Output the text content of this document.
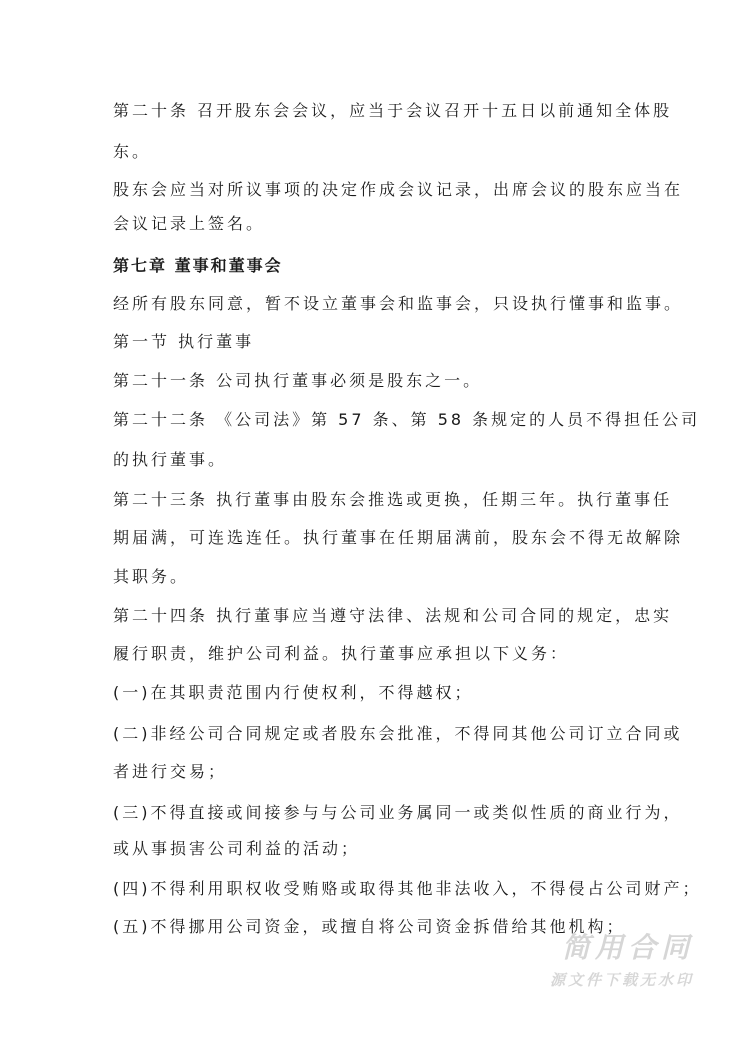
第二十条 召开股东会会议，应当于会议召开十五日以前通知全体股
东。
股东会应当对所议事项的决定作成会议记录，出席会议的股东应当在
会议记录上签名。
第七章 董事和董事会
经所有股东同意，暂不设立董事会和监事会，只设执行懂事和监事。
第一节 执行董事
第二十一条 公司执行董事必须是股东之一。
第二十二条 《公司法》第 57 条、第 58 条规定的人员不得担任公司
的执行董事。
第二十三条 执行董事由股东会推选或更换，任期三年。执行董事任
期届满，可连选连任。执行董事在任期届满前，股东会不得无故解除
其职务。
第二十四条 执行董事应当遵守法律、法规和公司合同的规定，忠实
履行职责，维护公司利益。执行董事应承担以下义务：
(一)在其职责范围内行使权利，不得越权；
(二)非经公司合同规定或者股东会批准，不得同其他公司订立合同或
者进行交易；
(三)不得直接或间接参与与公司业务属同一或类似性质的商业行为，
或从事损害公司利益的活动；
(四)不得利用职权收受贿赂或取得其他非法收入，不得侵占公司财产；
(五)不得挪用公司资金，或擅自将公司资金拆借给其他机构；
简用合同
源文件下载无水印
